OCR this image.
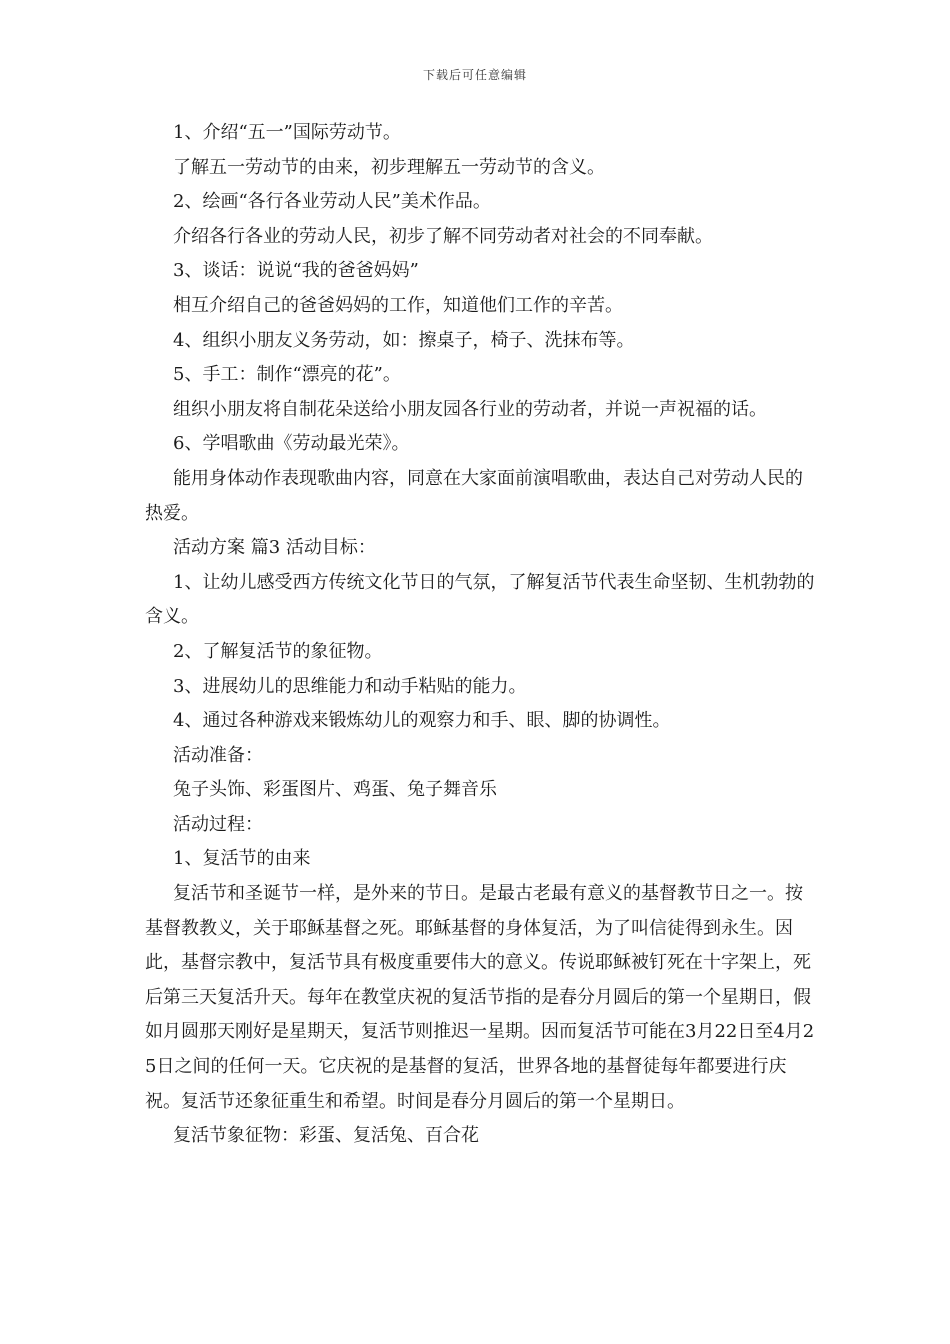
下载后可任意编辑

1、介绍“五一”国际劳动节。

了解五一劳动节的由来，初步理解五一劳动节的含义。

2、绘画“各行各业劳动人民”美术作品。

介绍各行各业的劳动人民，初步了解不同劳动者对社会的不同奉献。

3、谈话：说说“我的爸爸妈妈”

相互介绍自己的爸爸妈妈的工作，知道他们工作的辛苦。

4、组织小朋友义务劳动，如：擦桌子，椅子、洗抹布等。

5、手工：制作“漂亮的花”。

组织小朋友将自制花朵送给小朋友园各行业的劳动者，并说一声祝福的话。

6、学唱歌曲《劳动最光荣》。

能用身体动作表现歌曲内容，同意在大家面前演唱歌曲，表达自己对劳动人民的热爱。

活动方案 篇3 活动目标：

1、让幼儿感受西方传统文化节日的气氛，了解复活节代表生命坚韧、生机勃勃的含义。

2、了解复活节的象征物。

3、进展幼儿的思维能力和动手粘贴的能力。

4、通过各种游戏来锻炼幼儿的观察力和手、眼、脚的协调性。

活动准备：

兔子头饰、彩蛋图片、鸡蛋、兔子舞音乐

活动过程：

1、复活节的由来

复活节和圣诞节一样，是外来的节日。是最古老最有意义的基督教节日之一。按基督教教义，关于耶稣基督之死。耶稣基督的身体复活，为了叫信徒得到永生。因此，基督宗教中，复活节具有极度重要伟大的意义。传说耶稣被钉死在十字架上，死后第三天复活升天。每年在教堂庆祝的复活节指的是春分月圆后的第一个星期日，假如月圆那天刚好是星期天，复活节则推迟一星期。因而复活节可能在3月22日至4月25日之间的任何一天。它庆祝的是基督的复活，世界各地的基督徒每年都要进行庆祝。复活节还象征重生和希望。时间是春分月圆后的第一个星期日。

复活节象征物：彩蛋、复活兔、百合花
